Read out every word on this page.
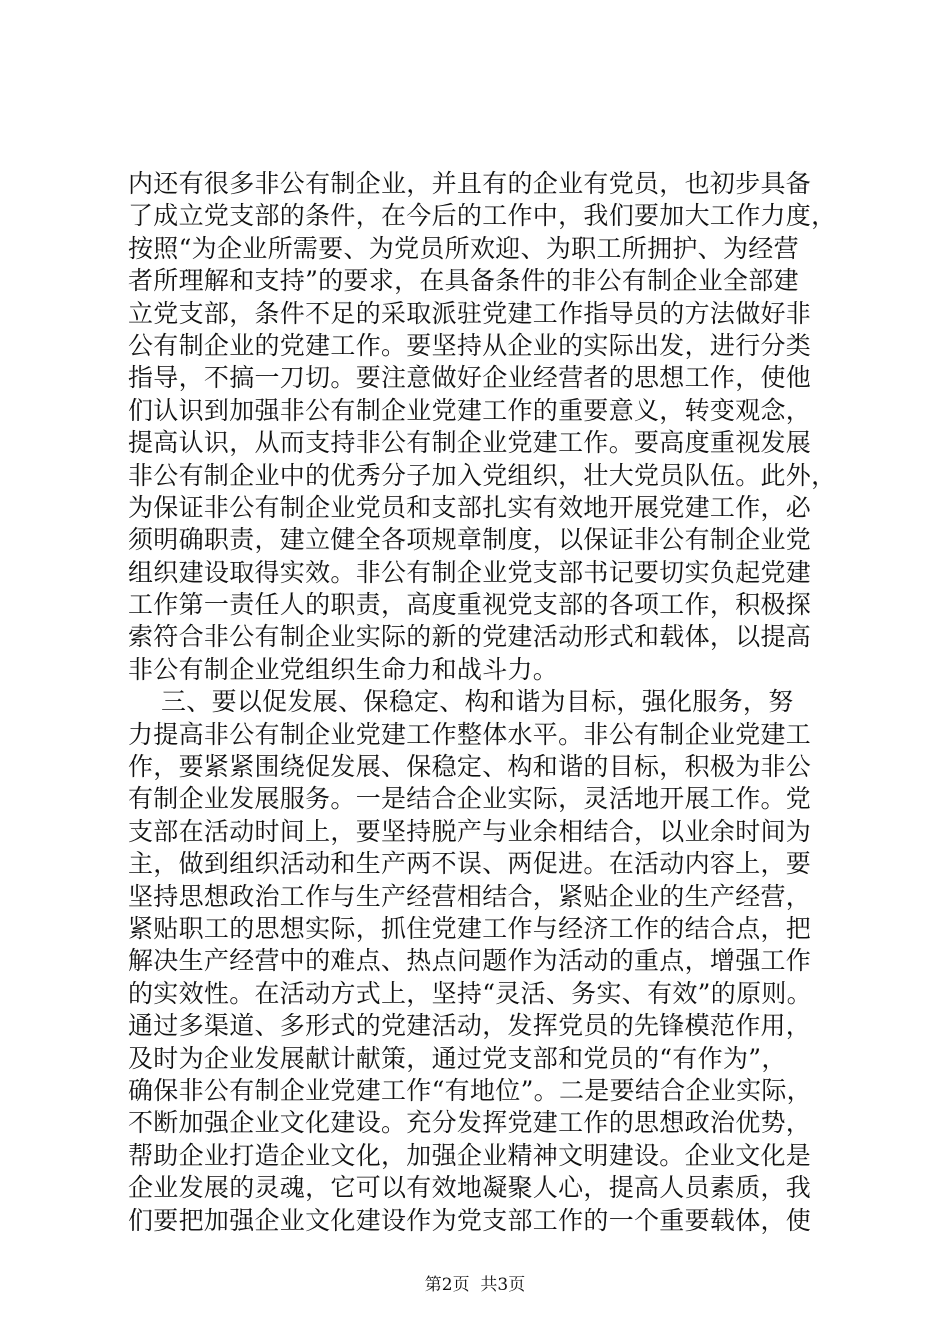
内还有很多非公有制企业，并且有的企业有党员，也初步具备
了成立党支部的条件，在今后的工作中，我们要加大工作力度，
按照“为企业所需要、为党员所欢迎、为职工所拥护、为经营
者所理解和支持”的要求，在具备条件的非公有制企业全部建
立党支部，条件不足的采取派驻党建工作指导员的方法做好非
公有制企业的党建工作。要坚持从企业的实际出发，进行分类
指导，不搞一刀切。要注意做好企业经营者的思想工作，使他
们认识到加强非公有制企业党建工作的重要意义，转变观念，
提高认识，从而支持非公有制企业党建工作。要高度重视发展
非公有制企业中的优秀分子加入党组织，壮大党员队伍。此外，
为保证非公有制企业党员和支部扎实有效地开展党建工作，必
须明确职责，建立健全各项规章制度，以保证非公有制企业党
组织建设取得实效。非公有制企业党支部书记要切实负起党建
工作第一责任人的职责，高度重视党支部的各项工作，积极探
索符合非公有制企业实际的新的党建活动形式和载体，以提高
非公有制企业党组织生命力和战斗力。
三、要以促发展、保稳定、构和谐为目标，强化服务，努
力提高非公有制企业党建工作整体水平。非公有制企业党建工
作，要紧紧围绕促发展、保稳定、构和谐的目标，积极为非公
有制企业发展服务。一是结合企业实际，灵活地开展工作。党
支部在活动时间上，要坚持脱产与业余相结合，以业余时间为
主，做到组织活动和生产两不误、两促进。在活动内容上，要
坚持思想政治工作与生产经营相结合，紧贴企业的生产经营，
紧贴职工的思想实际，抓住党建工作与经济工作的结合点，把
解决生产经营中的难点、热点问题作为活动的重点，增强工作
的实效性。在活动方式上，坚持“灵活、务实、有效”的原则。
通过多渠道、多形式的党建活动，发挥党员的先锋模范作用，
及时为企业发展献计献策，通过党支部和党员的“有作为”，
确保非公有制企业党建工作“有地位”。二是要结合企业实际，
不断加强企业文化建设。充分发挥党建工作的思想政治优势，
帮助企业打造企业文化，加强企业精神文明建设。企业文化是
企业发展的灵魂，它可以有效地凝聚人心，提高人员素质，我
们要把加强企业文化建设作为党支部工作的一个重要载体，使
第2页  共3页
